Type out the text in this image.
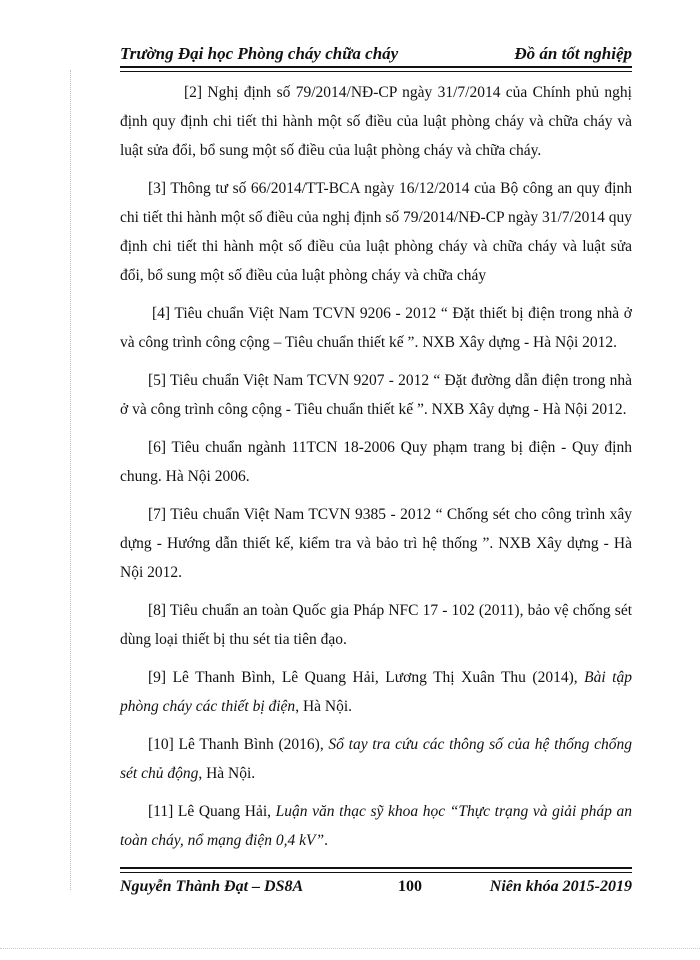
Trường Đại học Phòng cháy chữa cháy	Đồ án tốt nghiệp

[2] Nghị định số 79/2014/NĐ-CP ngày 31/7/2014 của Chính phủ nghị định quy định chi tiết thi hành một số điều của luật phòng cháy và chữa cháy và luật sửa đổi, bổ sung một số điều của luật phòng cháy và chữa cháy.

[3] Thông tư số 66/2014/TT-BCA ngày 16/12/2014 của Bộ công an quy định chi tiết thi hành một số điều của nghị định số 79/2014/NĐ-CP ngày 31/7/2014 quy định chi tiết thi hành một số điều của luật phòng cháy và chữa cháy và luật sửa đổi, bổ sung một số điều của luật phòng cháy và chữa cháy

[4] Tiêu chuẩn Việt Nam TCVN 9206 - 2012 “ Đặt thiết bị điện trong nhà ở và công trình công cộng – Tiêu chuẩn thiết kế ”. NXB Xây dựng - Hà Nội 2012.

[5] Tiêu chuẩn Việt Nam TCVN 9207 - 2012 “ Đặt đường dẫn điện trong nhà ở và công trình công cộng - Tiêu chuẩn thiết kế ”. NXB Xây dựng - Hà Nội 2012.

[6] Tiêu chuẩn ngành 11TCN 18-2006 Quy phạm trang bị điện - Quy định chung. Hà Nội 2006.

[7] Tiêu chuẩn Việt Nam TCVN 9385 - 2012 “ Chống sét cho công trình xây dựng - Hướng dẫn thiết kế, kiểm tra và bảo trì hệ thống ”. NXB Xây dựng - Hà Nội 2012.

[8] Tiêu chuẩn an toàn Quốc gia Pháp NFC 17 - 102 (2011), bảo vệ chống sét dùng loại thiết bị thu sét tia tiên đạo.

[9] Lê Thanh Bình, Lê Quang Hải, Lương Thị Xuân Thu (2014), Bài tập phòng cháy các thiết bị điện, Hà Nội.

[10] Lê Thanh Bình (2016), Sổ tay tra cứu các thông số của hệ thống chống sét chủ động, Hà Nội.

[11] Lê Quang Hải, Luận văn thạc sỹ khoa học “Thực trạng và giải pháp an toàn cháy, nổ mạng điện 0,4 kV”.

Nguyễn Thành Đạt – DS8A	100	Niên khóa 2015-2019
